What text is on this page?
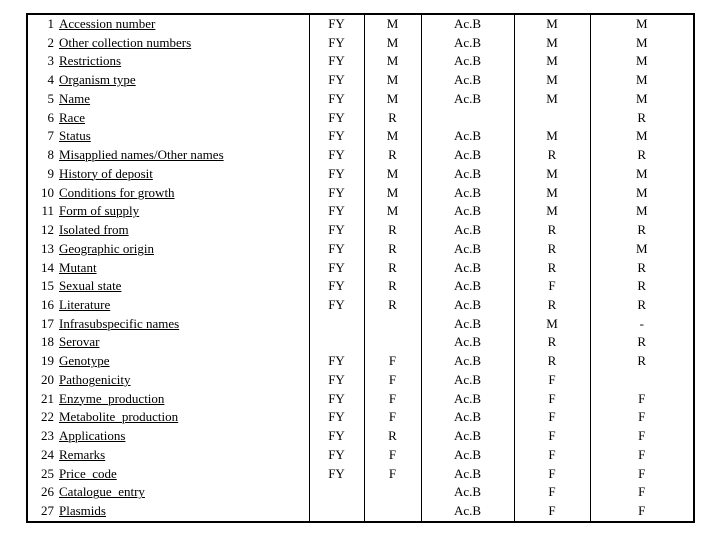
1	Accession number	FY	M	Ac.B	M	M
2	Other collection numbers	FY	M	Ac.B	M	M
3	Restrictions	FY	M	Ac.B	M	M
4	Organism type	FY	M	Ac.B	M	M
5	Name	FY	M	Ac.B	M	M
6	Race	FY	R			R
7	Status	FY	M	Ac.B	M	M
8	Misapplied names/Other names	FY	R	Ac.B	R	R
9	History of deposit	FY	M	Ac.B	M	M
10	Conditions for growth	FY	M	Ac.B	M	M
11	Form of supply	FY	M	Ac.B	M	M
12	Isolated from	FY	R	Ac.B	R	R
13	Geographic origin	FY	R	Ac.B	R	M
14	Mutant	FY	R	Ac.B	R	R
15	Sexual state	FY	R	Ac.B	F	R
16	Literature	FY	R	Ac.B	R	R
17	Infrasubspecific names			Ac.B	M	-
18	Serovar			Ac.B	R	R
19	Genotype	FY	F	Ac.B	R	R
20	Pathogenicity	FY	F	Ac.B	F	
21	Enzyme_production	FY	F	Ac.B	F	F
22	Metabolite_production	FY	F	Ac.B	F	F
23	Applications	FY	R	Ac.B	F	F
24	Remarks	FY	F	Ac.B	F	F
25	Price_code	FY	F	Ac.B	F	F
26	Catalogue_entry			Ac.B	F	F
27	Plasmids			Ac.B	F	F
